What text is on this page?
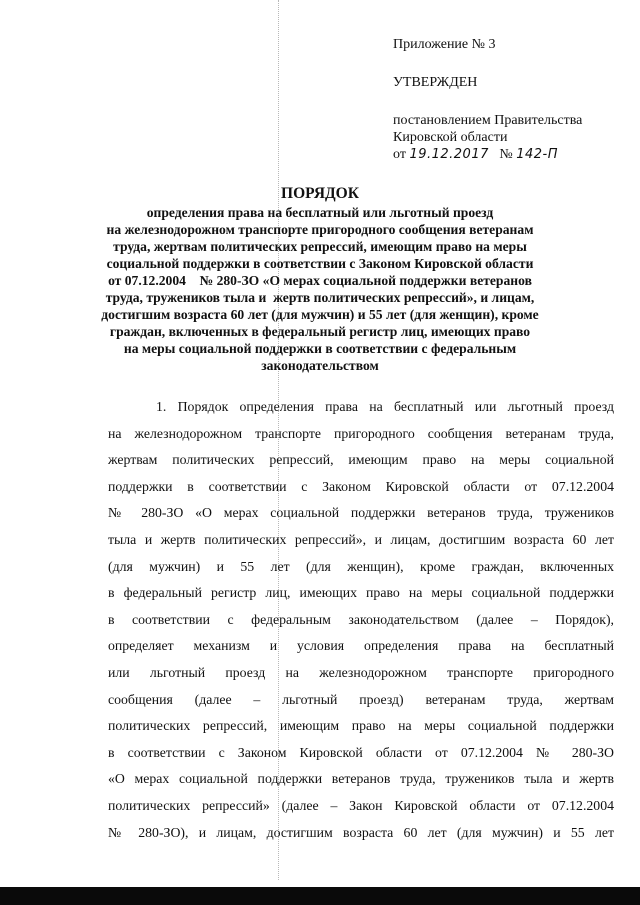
Приложение № 3
УТВЕРЖДЕН
постановлением Правительства
Кировской области
от 19.12.2017 № 142-П
ПОРЯДОК
определения права на бесплатный или льготный проезд
на железнодорожном транспорте пригородного сообщения ветеранам
труда, жертвам политических репрессий, имеющим право на меры
социальной поддержки в соответствии с Законом Кировской области
от 07.12.2004    № 280-ЗО «О мерах социальной поддержки ветеранов
труда, тружеников тыла и  жертв политических репрессий», и лицам,
достигшим возраста 60 лет (для мужчин) и 55 лет (для женщин), кроме
граждан, включенных в федеральный регистр лиц, имеющих право
на меры социальной поддержки в соответствии с федеральным
законодательством
1. Порядок определения права на бесплатный или льготный проезд
на железнодорожном транспорте пригородного сообщения ветеранам труда,
жертвам политических репрессий, имеющим право на меры социальной
поддержки в соответствии с Законом Кировской области от 07.12.2004
№ 280-ЗО «О мерах социальной поддержки ветеранов труда, тружеников
тыла и жертв политических репрессий», и лицам, достигшим возраста 60 лет
(для мужчин) и 55 лет (для женщин), кроме граждан, включенных
в федеральный регистр лиц, имеющих право на меры социальной поддержки
в соответствии с федеральным законодательством (далее – Порядок),
определяет механизм и условия определения права на бесплатный
или льготный проезд на железнодорожном транспорте пригородного
сообщения (далее – льготный проезд) ветеранам труда, жертвам
политических репрессий, имеющим право на меры социальной поддержки
в соответствии с Законом Кировской области от 07.12.2004 № 280-ЗО
«О мерах социальной поддержки ветеранов труда, тружеников тыла и жертв
политических репрессий» (далее – Закон Кировской области от 07.12.2004
№ 280-ЗО), и лицам, достигшим возраста 60 лет (для мужчин) и 55 лет
